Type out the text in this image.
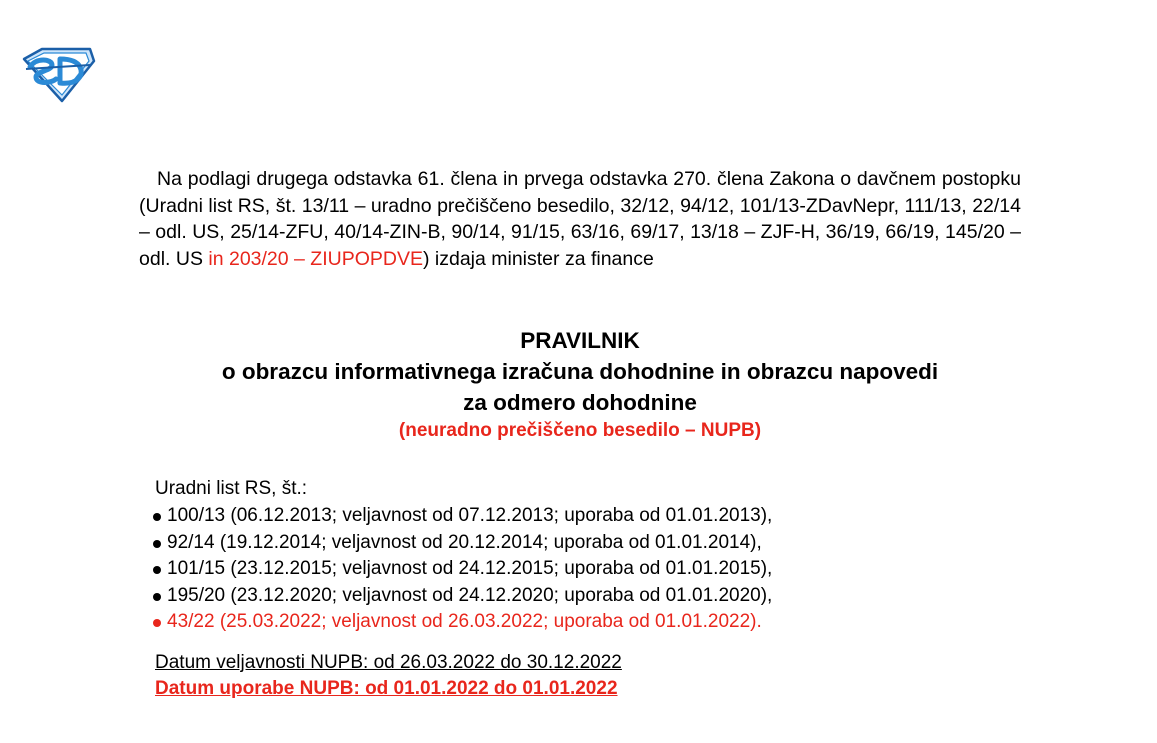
Na podlagi drugega odstavka 61. člena in prvega odstavka 270. člena Zakona o davčnem postopku (Uradni list RS, št. 13/11 – uradno prečiščeno besedilo, 32/12, 94/12, 101/13-ZDavNepr, 111/13, 22/14 – odl. US, 25/14-ZFU, 40/14-ZIN-B, 90/14, 91/15, 63/16, 69/17, 13/18 – ZJF-H, 36/19, 66/19, 145/20 – odl. US in 203/20 – ZIUPOPDVE) izdaja minister za finance

PRAVILNIK
o obrazcu informativnega izračuna dohodnine in obrazcu napovedi
za odmero dohodnine
(neuradno prečiščeno besedilo – NUPB)
Uradni list RS, št.:
100/13 (06.12.2013; veljavnost od 07.12.2013; uporaba od 01.01.2013),
92/14 (19.12.2014; veljavnost od 20.12.2014; uporaba od 01.01.2014),
101/15 (23.12.2015; veljavnost od 24.12.2015; uporaba od 01.01.2015),
195/20 (23.12.2020; veljavnost od 24.12.2020; uporaba od 01.01.2020),
43/22 (25.03.2022; veljavnost od 26.03.2022; uporaba od 01.01.2022).
Datum veljavnosti NUPB: od 26.03.2022 do 30.12.2022
Datum uporabe NUPB: od 01.01.2022 do 01.01.2022
